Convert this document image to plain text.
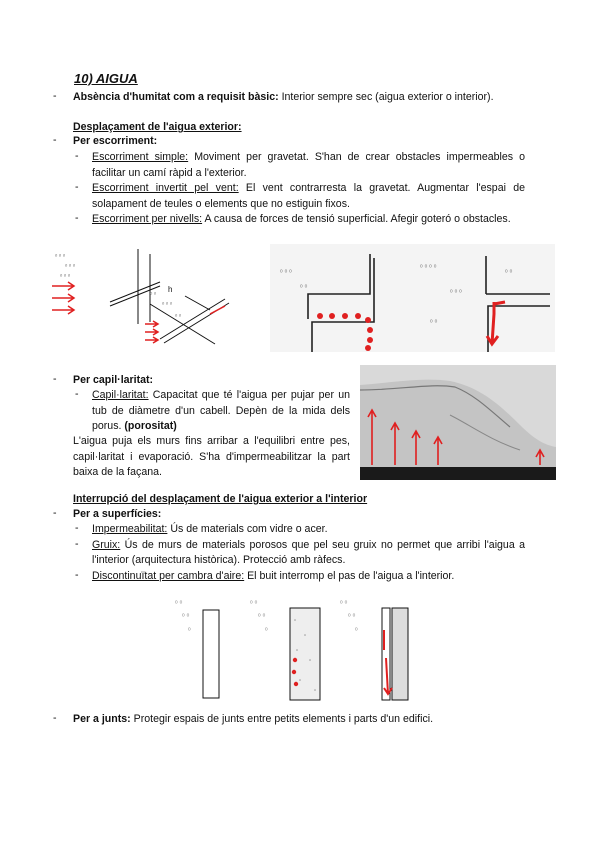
10) AIGUA
- Absència d'humitat com a requisit bàsic: Interior sempre sec (aigua exterior o interior).
Desplaçament de l'aigua exterior:
- Per escorriment:
- Escorriment simple: Moviment per gravetat. S'han de crear obstacles impermeables o facilitar un camí ràpid a l'exterior.
- Escorriment invertit pel vent: El vent contrarresta la gravetat. Augmentar l'espai de solapament de teules o elements que no estiguin fixos.
- Escorriment per nivells: A causa de forces de tensió superficial. Afegir goteró o obstacles.
ᵒ ᵒ ᵒ
ᵒ ᵒ ᵒ
ᵒ ᵒ ᵒ
ᵒ ᵒ
ᵒ ᵒ ᵒ
ᵒ ᵒ
h
ᵒ ᵒ ᵒ
ᵒ ᵒ
ᵒ ᵒ ᵒ ᵒ
ᵒ ᵒ ᵒ
ᵒ ᵒ
ᵒ ᵒ
- Per capil·laritat:
- Capil·laritat: Capacitat que té l'aigua per pujar per un tub de diàmetre d'un cabell. Depèn de la mida dels porus. (porositat)
L'aigua puja els murs fins arribar a l'equilibri entre pes, capil·laritat i evaporació. S'ha d'impermeabilitzar la part baixa de la façana.
Interrupció del desplaçament de l'aigua exterior a l'interior
- Per a superfícies:
- Impermeabilitat: Ús de materials com vidre o acer.
- Gruix: Ús de murs de materials porosos que pel seu gruix no permet que arribi l'aigua a l'interior (arquitectura històrica). Protecció amb ràfecs.
- Discontinuïtat per cambra d'aire: El buit interromp el pas de l'aigua a l'interior.
ᵒ ᵒ
ᵒ ᵒ
ᵒ
ᵒ ᵒ
ᵒ ᵒ
ᵒ
ᵒ ᵒ
ᵒ ᵒ
ᵒ
- Per a junts: Protegir espais de junts entre petits elements i parts d'un edifici.
